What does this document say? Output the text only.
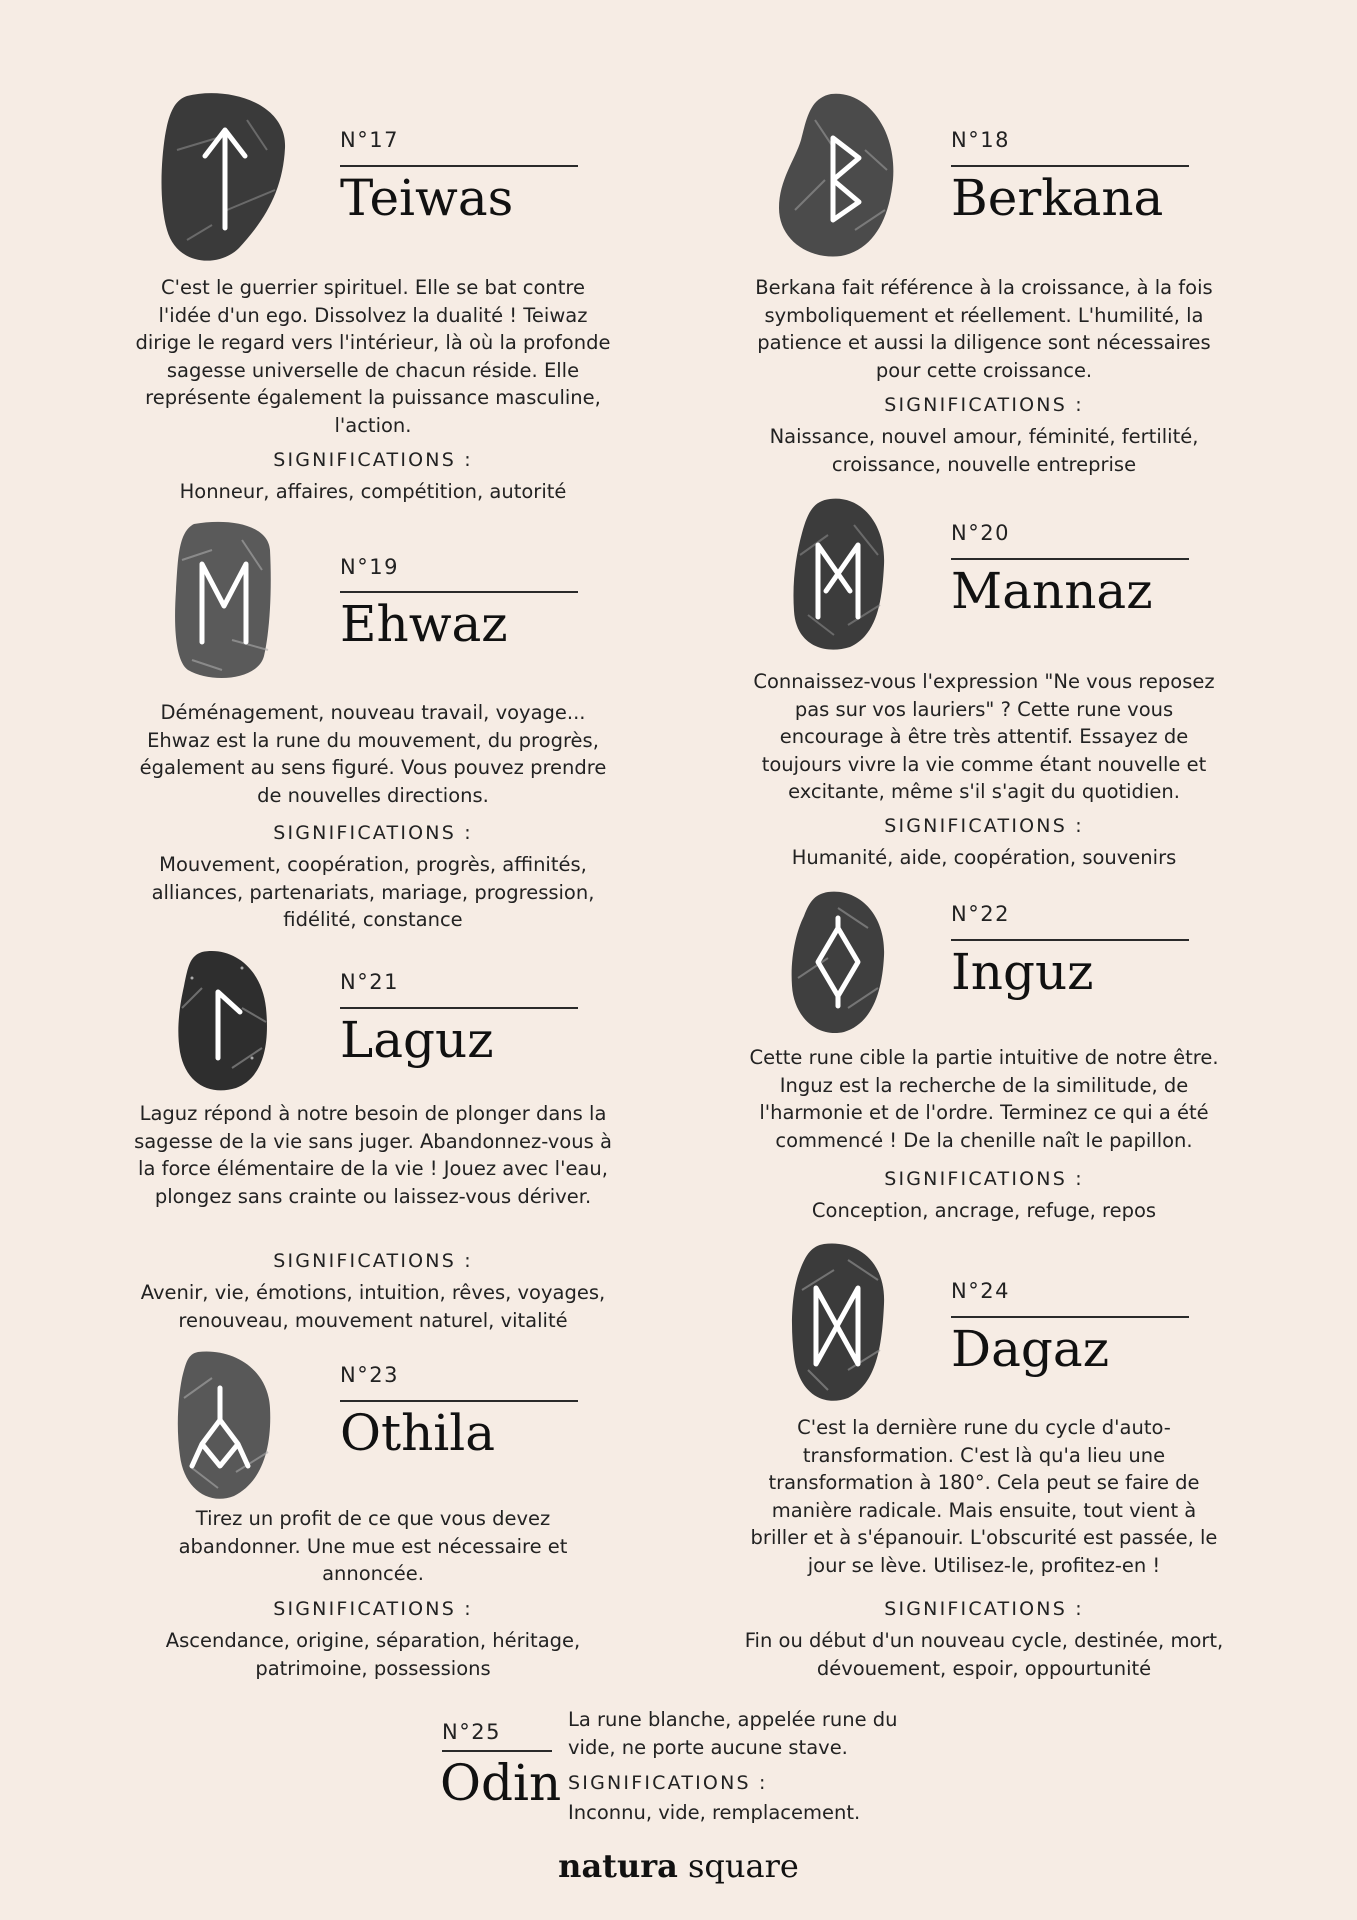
N°17
Teiwas
C'est le guerrier spirituel. Elle se bat contre l'idée d'un ego. Dissolvez la dualité ! Teiwaz dirige le regard vers l'intérieur, là où la profonde sagesse universelle de chacun réside. Elle représente également la puissance masculine, l'action.
SIGNIFICATIONS :
Honneur, affaires, compétition, autorité
N°18
Berkana
Berkana fait référence à la croissance, à la fois symboliquement et réellement. L'humilité, la patience et aussi la diligence sont nécessaires pour cette croissance.
SIGNIFICATIONS :
Naissance, nouvel amour, féminité, fertilité, croissance, nouvelle entreprise
N°19
Ehwaz
Déménagement, nouveau travail, voyage... Ehwaz est la rune du mouvement, du progrès, également au sens figuré. Vous pouvez prendre de nouvelles directions.
SIGNIFICATIONS :
Mouvement, coopération, progrès, affinités, alliances, partenariats, mariage, progression, fidélité, constance
N°20
Mannaz
Connaissez-vous l'expression "Ne vous reposez pas sur vos lauriers" ? Cette rune vous encourage à être très attentif. Essayez de toujours vivre la vie comme étant nouvelle et excitante, même s'il s'agit du quotidien.
SIGNIFICATIONS :
Humanité, aide, coopération, souvenirs
N°21
Laguz
Laguz répond à notre besoin de plonger dans la sagesse de la vie sans juger. Abandonnez-vous à la force élémentaire de la vie ! Jouez avec l'eau, plongez sans crainte ou laissez-vous dériver.
SIGNIFICATIONS :
Avenir, vie, émotions, intuition, rêves, voyages, renouveau, mouvement naturel, vitalité
N°22
Inguz
Cette rune cible la partie intuitive de notre être. Inguz est la recherche de la similitude, de l'harmonie et de l'ordre. Terminez ce qui a été commencé ! De la chenille naît le papillon.
SIGNIFICATIONS :
Conception, ancrage, refuge, repos
N°23
Othila
Tirez un profit de ce que vous devez abandonner. Une mue est nécessaire et annoncée.
SIGNIFICATIONS :
Ascendance, origine, séparation, héritage, patrimoine, possessions
N°24
Dagaz
C'est la dernière rune du cycle d'auto-transformation. C'est là qu'a lieu une transformation à 180°. Cela peut se faire de manière radicale. Mais ensuite, tout vient à briller et à s'épanouir. L'obscurité est passée, le jour se lève. Utilisez-le, profitez-en !
SIGNIFICATIONS :
Fin ou début d'un nouveau cycle, destinée, mort, dévouement, espoir, oppourtunité
N°25
Odin
La rune blanche, appelée rune du vide, ne porte aucune stave.
SIGNIFICATIONS :
Inconnu, vide, remplacement.
natura square
